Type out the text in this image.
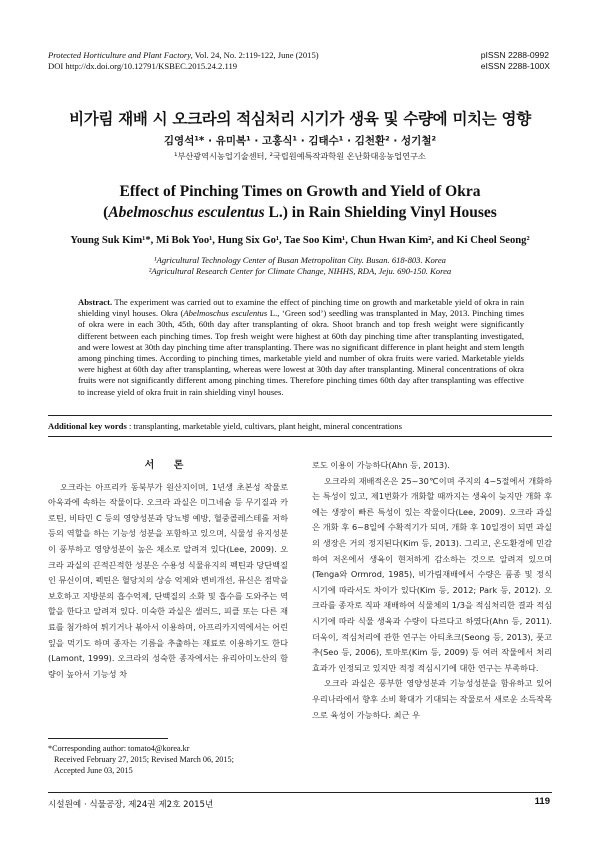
Protected Horticulture and Plant Factory, Vol. 24, No. 2:119-122, June (2015)
DOI http://dx.doi.org/10.12791/KSBEC.2015.24.2.119
pISSN 2288-0992
eISSN 2288-100X
비가림 재배 시 오크라의 적심처리 시기가 생육 및 수량에 미치는 영향
김영석¹* · 유미복¹ · 고홍식¹ · 김태수¹ · 김천환² · 성기철²
¹부산광역시농업기술센터, ²국립원예특작과학원 온난화대응농업연구소
Effect of Pinching Times on Growth and Yield of Okra
(Abelmoschus esculentus L.) in Rain Shielding Vinyl Houses
Young Suk Kim¹*, Mi Bok Yoo¹, Hung Six Go¹, Tae Soo Kim¹, Chun Hwan Kim², and Ki Cheol Seong²
¹Agricultural Technology Center of Busan Metropolitan City. Busan. 618-803. Korea
²Agricultural Research Center for Climate Change, NIHHS, RDA, Jeju. 690-150. Korea
Abstract. The experiment was carried out to examine the effect of pinching time on growth and marketable yield of okra in rain shielding vinyl houses. Okra (Abelmoschus esculentus L., ‘Green sod’) seedling was transplanted in May, 2013. Pinching times of okra were in each 30th, 45th, 60th day after transplanting of okra. Shoot branch and top fresh weight were significantly different between each pinching times. Top fresh weight were highest at 60th day pinching time after transplanting investigated, and were lowest at 30th day pinching time after transplanting. There was no significant difference in plant height and stem length among pinching times. According to pinching times, marketable yield and number of okra fruits were varied. Marketable yields were highest at 60th day after transplanting, whereas were lowest at 30th day after transplanting. Mineral concentrations of okra fruits were not significantly different among pinching times. Therefore pinching times 60th day after transplanting was effective to increase yield of okra fruit in rain shielding vinyl houses.
Additional key words : transplanting, marketable yield, cultivars, plant height, mineral concentrations
서 론

오크라는 아프리카 동북부가 원산지이며, 1년생 초본성 작물로 아욱과에 속하는 작물이다. 오크라 과실은 미그네슘 등 무기질과 카로틴, 비타민 C 등의 영양성분과 당뇨병 예방, 혈중콜레스테롤 저하 등의 역할을 하는 기능성 성분을 포함하고 있으며, 식물성 유지성분이 풍부하고 영양성분이 높은 채소로 알려져 있다(Lee, 2009). 오크라 과실의 끈적끈적한 성분은 수용성 식물유지의 펙틴과 당단백질인 뮤신이며, 펙틴은 혈당치의 상승 억제와 변비개선, 뮤신은 점막을 보호하고 지방분의 흡수억제, 단백질의 소화 및 흡수를 도와주는 역할을 한다고 알려져 있다. 미숙한 과실은 샐러드, 피클 또는 다른 재료를 첨가하여 튀기거나 볶아서 이용하며, 아프리카지역에서는 어린 잎을 먹기도 하며 종자는 기름을 추출하는 재료로 이용하기도 한다(Lamont, 1999). 오크라의 성숙한 종자에서는 유리아미노산의 함량이 높아서 기능성 차

로도 이용이 가능하다(Ahn 등, 2013).

오크라의 재배적온은 25~30℃이며 주지의 4~5절에서 개화하는 특성이 있고, 제1번화가 개화할 때까지는 생육이 늦지만 개화 후에는 생장이 빠른 특성이 있는 작물이다(Lee, 2009). 오크라 과실은 개화 후 6~8일에 수확적기가 되며, 개화 후 10일경이 되면 과실의 생장은 거의 정지된다(Kim 등, 2013). 그리고, 온도환경에 민감하여 저온에서 생육이 현저하게 감소하는 것으로 알려져 있으며(Tenga와 Ormrod, 1985), 비가림재배에서 수량은 품종 및 정식시기에 따라서도 차이가 있다(Kim 등, 2012; Park 등, 2012). 오크라를 종자로 직파 재배하여 식물체의 1/3을 적심처리한 결과 적심시기에 따라 식물 생육과 수량이 다르다고 하였다(Ahn 등, 2011). 더욱이, 적심처리에 관한 연구는 아티초크(Seong 등, 2013), 풋고추(Seo 등, 2006), 토마토(Kim 등, 2009) 등 여러 작물에서 처리효과가 인정되고 있지만 적정 적심시기에 대한 연구는 부족하다.

오크라 과실은 풍부한 영양성분과 기능성성분을 함유하고 있어 우리나라에서 향후 소비 확대가 기대되는 작물로서 새로운 소득작목으로 육성이 가능하다. 최근 우

*Corresponding author: tomato4@korea.kr
Received February 27, 2015; Revised March 06, 2015;
Accepted June 03, 2015
시설원예 · 식물공장, 제24권 제2호 2015년	119
